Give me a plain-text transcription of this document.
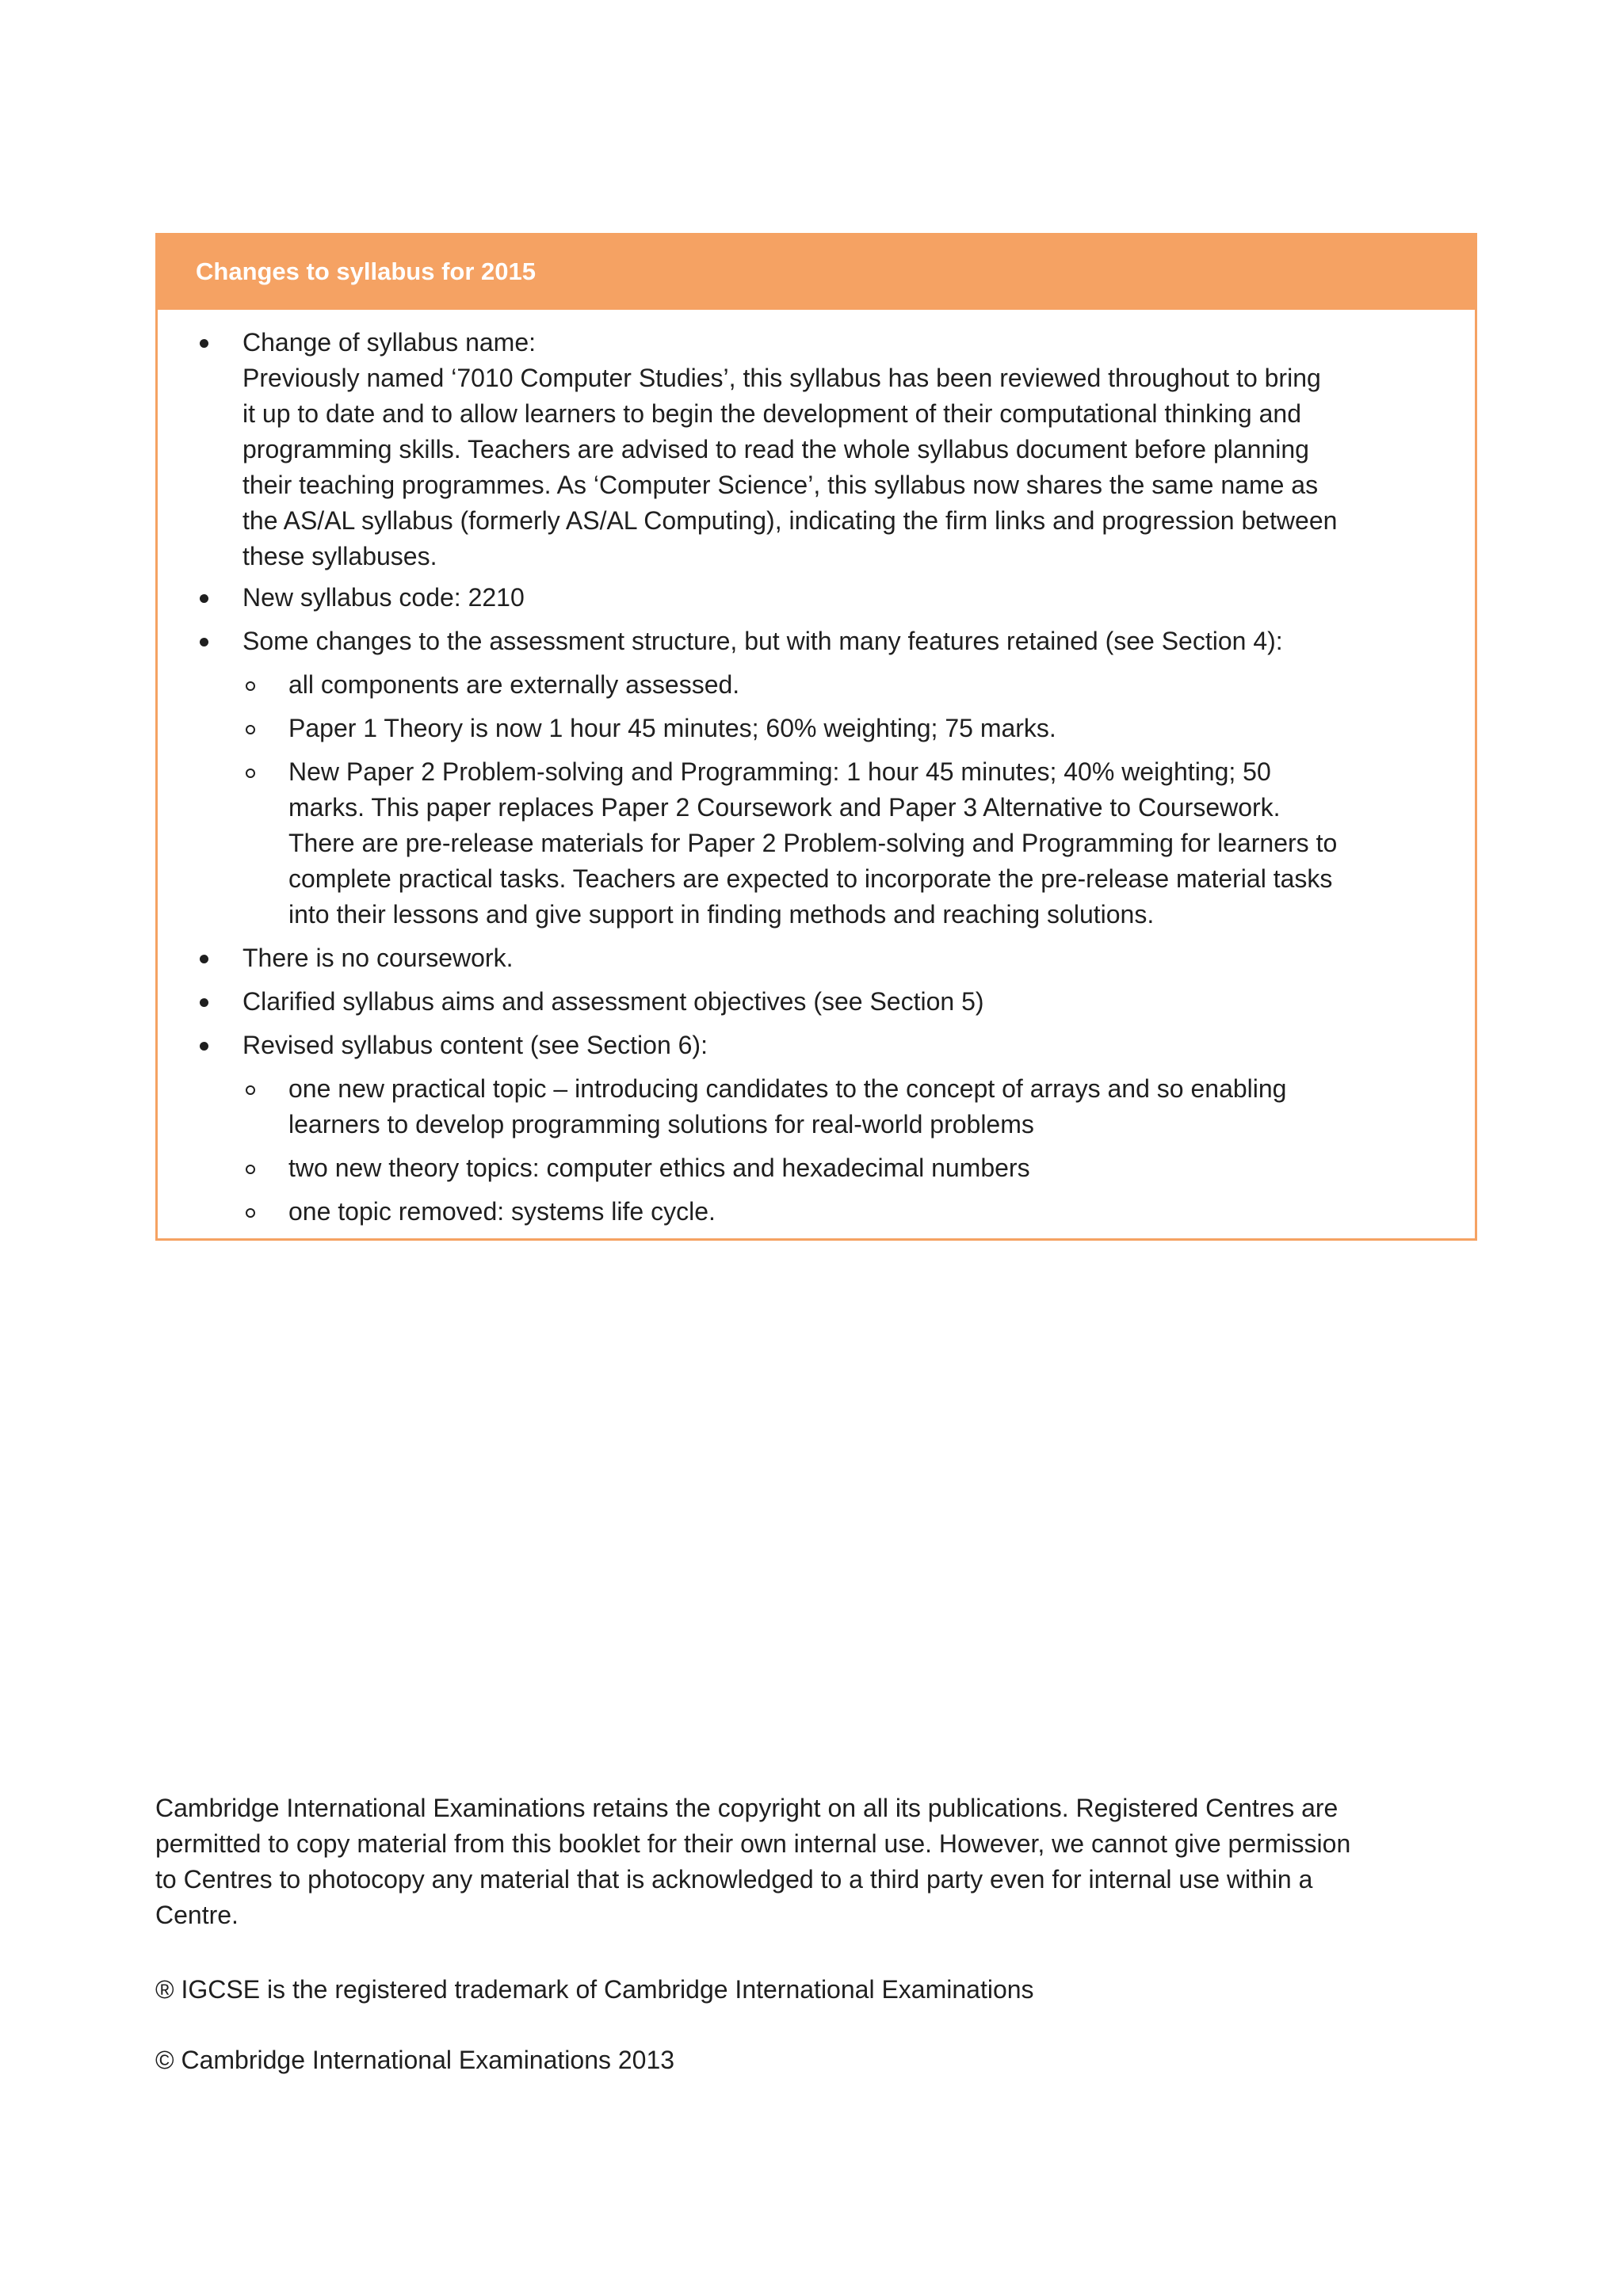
Changes to syllabus for 2015
Change of syllabus name:
Previously named ‘7010 Computer Studies’, this syllabus has been reviewed throughout to bring
it up to date and to allow learners to begin the development of their computational thinking and
programming skills. Teachers are advised to read the whole syllabus document before planning
their teaching programmes. As ‘Computer Science’, this syllabus now shares the same name as
the AS/AL syllabus (formerly AS/AL Computing), indicating the firm links and progression between
these syllabuses.
New syllabus code: 2210
Some changes to the assessment structure, but with many features retained (see Section 4):
all components are externally assessed.
Paper 1 Theory is now 1 hour 45 minutes; 60% weighting; 75 marks.
New Paper 2 Problem-solving and Programming: 1 hour 45 minutes; 40% weighting; 50
marks. This paper replaces Paper 2 Coursework and Paper 3 Alternative to Coursework.
There are pre-release materials for Paper 2 Problem-solving and Programming for learners to
complete practical tasks. Teachers are expected to incorporate the pre-release material tasks
into their lessons and give support in finding methods and reaching solutions.
There is no coursework.
Clarified syllabus aims and assessment objectives (see Section 5)
Revised syllabus content (see Section 6):
one new practical topic – introducing candidates to the concept of arrays and so enabling
learners to develop programming solutions for real-world problems
two new theory topics: computer ethics and hexadecimal numbers
one topic removed: systems life cycle.
Cambridge International Examinations retains the copyright on all its publications. Registered Centres are
permitted to copy material from this booklet for their own internal use. However, we cannot give permission
to Centres to photocopy any material that is acknowledged to a third party even for internal use within a
Centre.
® IGCSE is the registered trademark of Cambridge International Examinations
© Cambridge International Examinations 2013
